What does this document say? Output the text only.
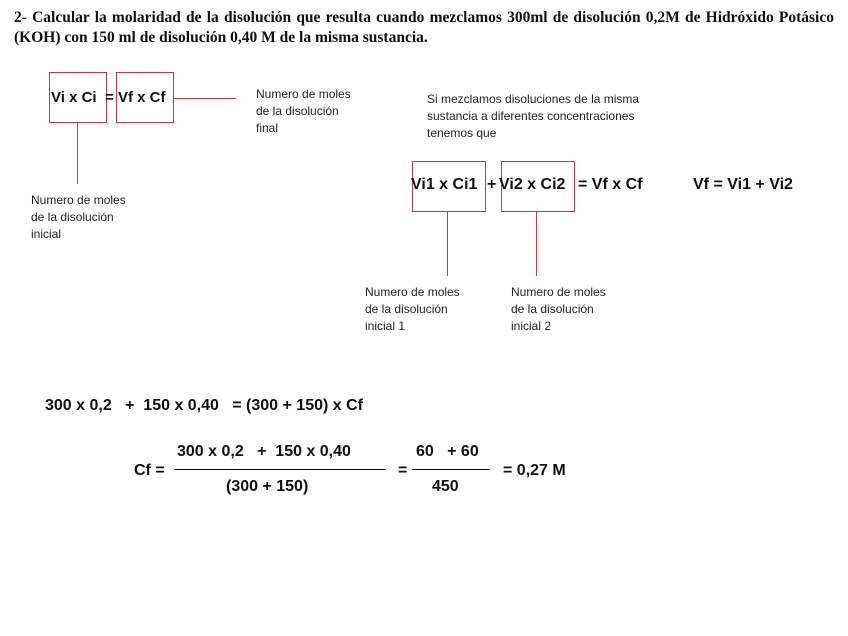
2- Calcular la molaridad de la disolución que resulta cuando mezclamos 300ml de disolución 0,2M de Hidróxido Potásico (KOH) con 150 ml de disolución 0,40 M de la misma sustancia.
Vi x Ci = Vf x Cf	Numero de moles
de la disolución
final
Numero de moles
de la disolución
inicial
Si mezclamos disoluciones de la misma
sustancia a diferentes concentraciones
tenemos que
Vi1 x Ci1 + Vi2 x Ci2 = Vf x Cf	Vf = Vi1 + Vi2
Numero de moles
de la disolución
inicial 1
Numero de moles
de la disolución
inicial 2
300 x 0,2   +  150 x 0,40   = (300 + 150) x Cf
Cf =
300 x 0,2   +  150 x 0,40
(300 + 150)
=
60   + 60
450
= 0,27 M
